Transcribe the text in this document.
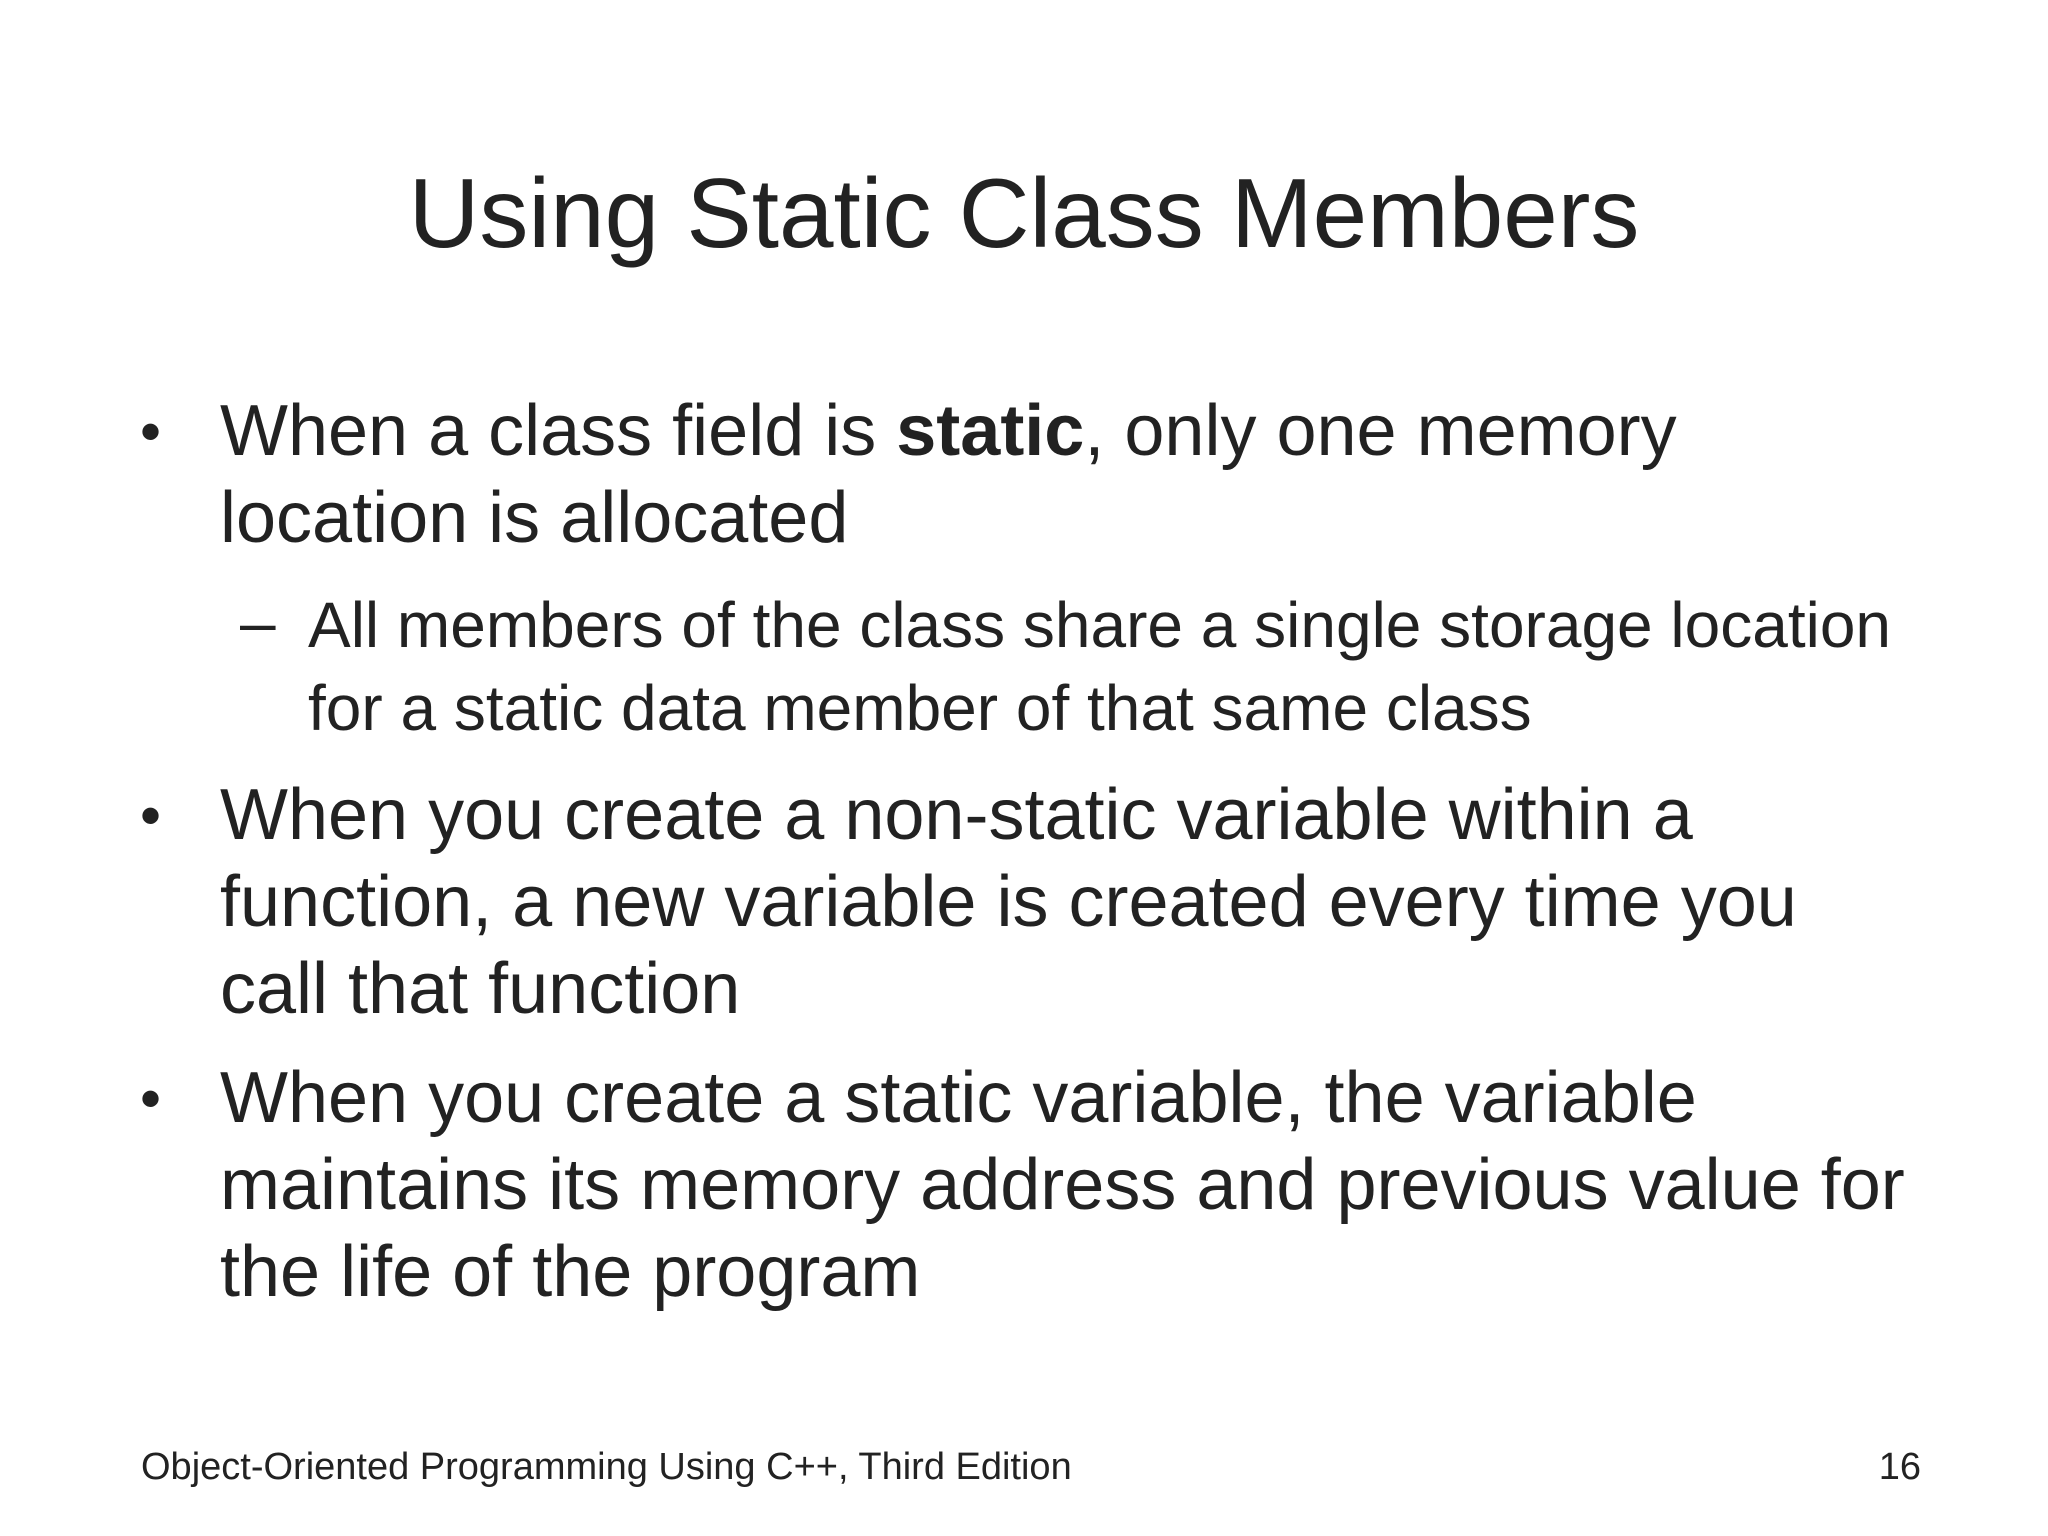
Using Static Class Members
• When a class field is static, only one memory location is allocated
– All members of the class share a single storage location for a static data member of that same class
• When you create a non-static variable within a function, a new variable is created every time you call that function
• When you create a static variable, the variable maintains its memory address and previous value for the life of the program
Object-Oriented Programming Using C++, Third Edition	16
